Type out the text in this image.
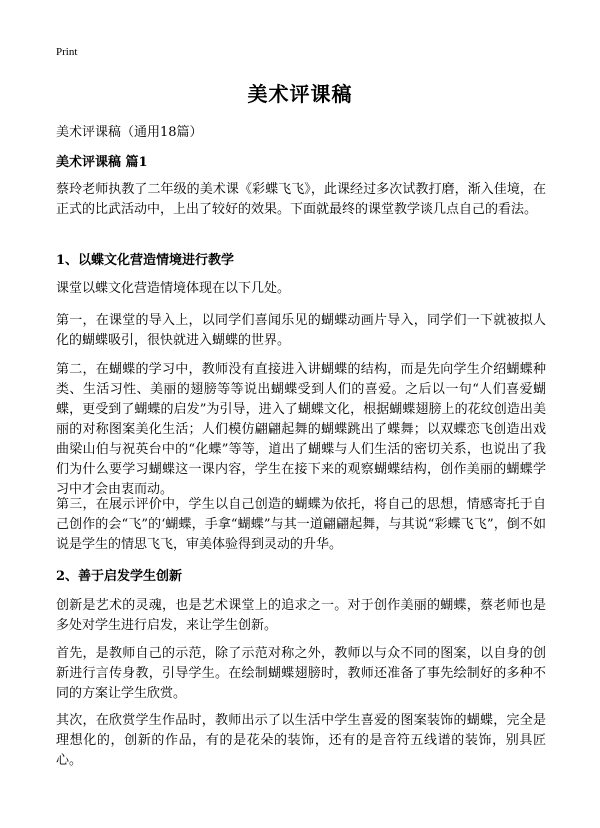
Print
美术评课稿
美术评课稿（通用18篇）
美术评课稿 篇1
蔡玲老师执教了二年级的美术课《彩蝶飞飞》，此课经过多次试教打磨，渐入佳境，在正式的比武活动中，上出了较好的效果。下面就最终的课堂教学谈几点自己的看法。
1、以蝶文化营造情境进行教学
课堂以蝶文化营造情境体现在以下几处。
第一，在课堂的导入上，以同学们喜闻乐见的蝴蝶动画片导入，同学们一下就被拟人化的蝴蝶吸引，很快就进入蝴蝶的世界。
第二，在蝴蝶的学习中，教师没有直接进入讲蝴蝶的结构，而是先向学生介绍蝴蝶种类、生活习性、美丽的翅膀等等说出蝴蝶受到人们的喜爱。之后以一句“人们喜爱蝴蝶，更受到了蝴蝶的启发”为引导，进入了蝴蝶文化，根据蝴蝶翅膀上的花纹创造出美丽的对称图案美化生活；人们模仿翩翩起舞的蝴蝶跳出了蝶舞；以双蝶恋飞创造出戏曲梁山伯与祝英台中的“化蝶”等等，道出了蝴蝶与人们生活的密切关系，也说出了我们为什么要学习蝴蝶这一课内容，学生在接下来的观察蝴蝶结构，创作美丽的蝴蝶学习中才会由衷而动。
第三，在展示评价中，学生以自己创造的蝴蝶为依托，将自己的思想，情感寄托于自己创作的会“飞”的‘蝴蝶，手拿“蝴蝶”与其一道翩翩起舞，与其说“彩蝶飞飞”，倒不如说是学生的情思飞飞，审美体验得到灵动的升华。
2、善于启发学生创新
创新是艺术的灵魂，也是艺术课堂上的追求之一。对于创作美丽的蝴蝶，蔡老师也是多处对学生进行启发，来让学生创新。
首先，是教师自己的示范，除了示范对称之外，教师以与众不同的图案，以自身的创新进行言传身教，引导学生。在绘制蝴蝶翅膀时，教师还准备了事先绘制好的多种不同的方案让学生欣赏。
其次，在欣赏学生作品时，教师出示了以生活中学生喜爱的图案装饰的蝴蝶，完全是理想化的，创新的作品，有的是花朵的装饰，还有的是音符五线谱的装饰，别具匠心。
